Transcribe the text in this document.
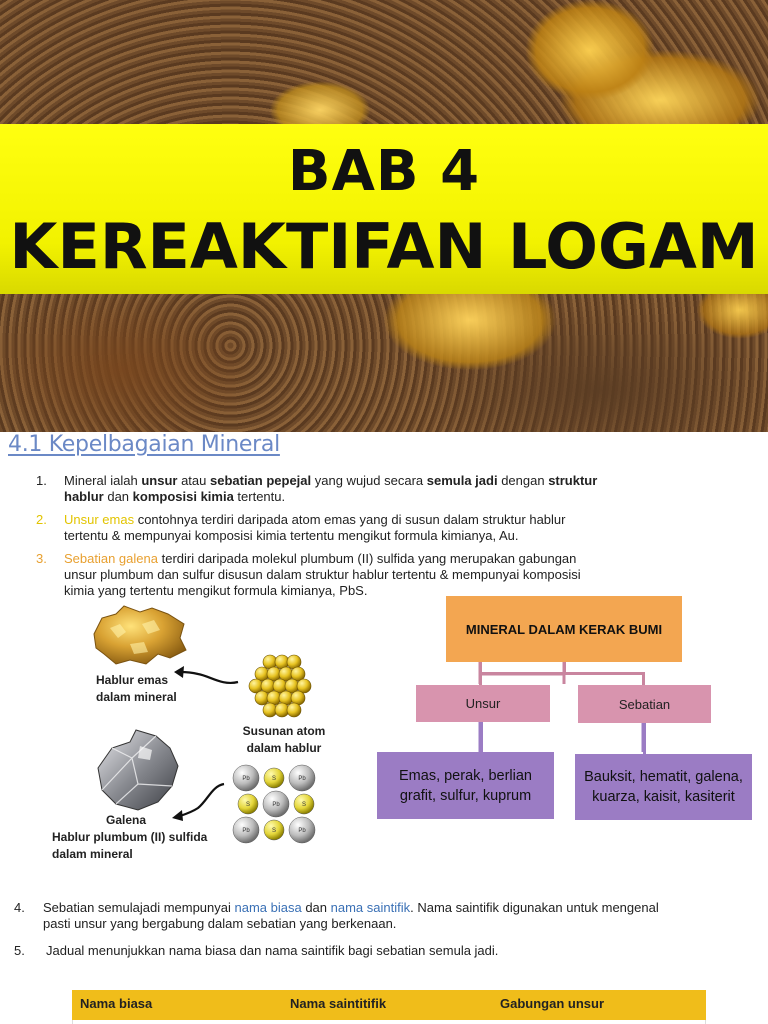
BAB 4
KEREAKTIFAN LOGAM
4.1 Kepelbagaian Mineral
1. Mineral ialah unsur atau sebatian pepejal yang wujud secara semula jadi dengan struktur
hablur dan komposisi kimia tertentu.
2. Unsur emas contohnya terdiri daripada atom emas yang di susun dalam struktur hablur
tertentu & mempunyai komposisi kimia tertentu mengikut formula kimianya, Au.
3. Sebatian galena terdiri daripada molekul plumbum (II) sulfida yang merupakan gabungan
unsur plumbum dan sulfur disusun dalam struktur hablur tertentu & mempunyai komposisi
kimia yang tertentu mengikut formula kimianya, PbS.
Hablur emas
dalam mineral
Susunan atom
dalam hablur
Pb	S	Pb
S	Pb	S
Pb	S	Pb
Galena
Hablur plumbum (II) sulfida
dalam mineral
MINERAL DALAM KERAK BUMI
Unsur	Sebatian
Emas, perak, berlian
grafit, sulfur, kuprum
Bauksit, hematit, galena,
kuarza, kaisit, kasiterit
4. Sebatian semulajadi mempunyai nama biasa dan nama saintifik. Nama saintifik digunakan untuk mengenal
pasti unsur yang bergabung dalam sebatian yang berkenaan.
5. Jadual menunjukkan nama biasa dan nama saintifik bagi sebatian semula jadi.
Nama biasa	Nama saintitifik	Gabungan unsur
